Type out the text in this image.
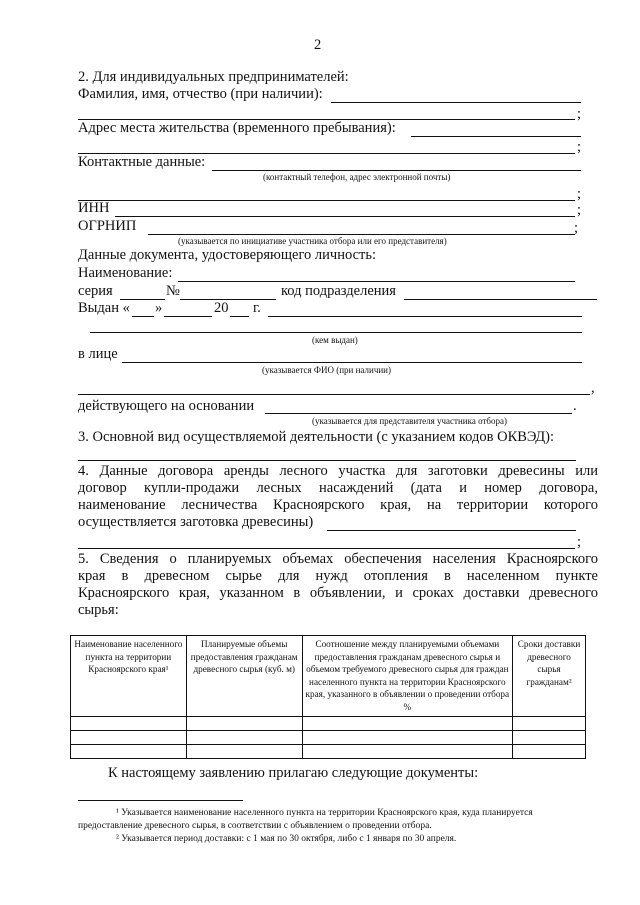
2
2. Для индивидуальных предпринимателей:
Фамилия, имя, отчество (при наличии):
;
Адрес места жительства (временного пребывания):
;
Контактные данные:
(контактный телефон, адрес электронной почты)
;
ИНН	;
ОГРНИП	;
(указывается по инициативе участника отбора или его представителя)
Данные документа, удостоверяющего личность:
Наименование:
серия	№	код подразделения
Выдан « »	20 г.
(кем выдан)
в лице
(указывается ФИО (при наличии)
,
действующего на основании	.
(указывается для представителя участника отбора)
3. Основной вид осуществляемой деятельности (с указанием кодов ОКВЭД):
4. Данные договора аренды лесного участка для заготовки древесины или
договор купли-продажи лесных насаждений (дата и номер договора,
наименование лесничества Красноярского края, на территории которого
осуществляется заготовка древесины)
;
5. Сведения о планируемых объемах обеспечения населения Красноярского
края в древесном сырье для нужд отопления в населенном пункте
Красноярского края, указанном в объявлении, и сроках доставки древесного
сырья:
Наименование населенного пункта на территории Красноярского края¹	Планируемые объемы предоставления гражданам древесного сырья (куб. м)	Соотношение между планируемыми объемами предоставления гражданам древесного сырья и объемом требуемого древесного сырья для граждан населенного пункта на территории Красноярского края, указанного в объявлении о проведении отбора %	Сроки доставки древесного сырья гражданам²

К настоящему заявлению прилагаю следующие документы:
¹ Указывается наименование населенного пункта на территории Красноярского края, куда планируется
предоставление древесного сырья, в соответствии с объявлением о проведении отбора.
² Указывается период доставки: с 1 мая по 30 октября, либо с 1 января по 30 апреля.
